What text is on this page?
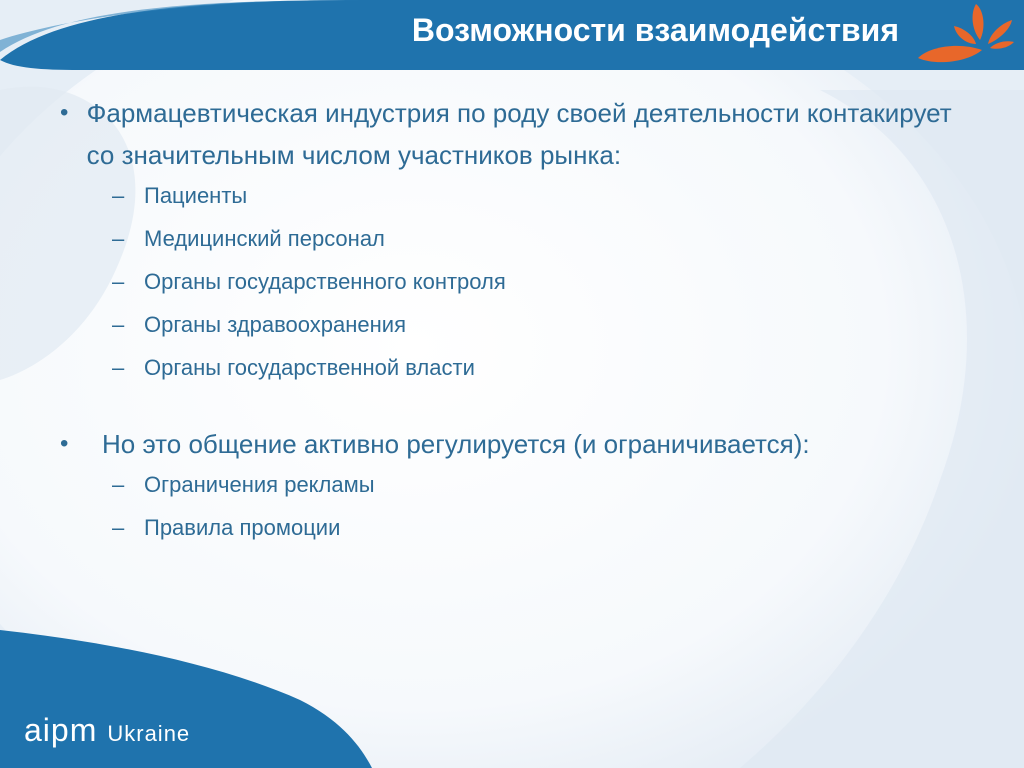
Возможности взаимодействия
• Фармацевтическая индустрия по роду своей деятельности контакирует со значительным числом участников рынка:
– Пациенты
– Медицинский персонал
– Органы государственного контроля
– Органы здравоохранения
– Органы государственной власти
•	Но это общение активно регулируется (и ограничивается):
– Ограничения рекламы
– Правила промоции
aipm Ukraine
